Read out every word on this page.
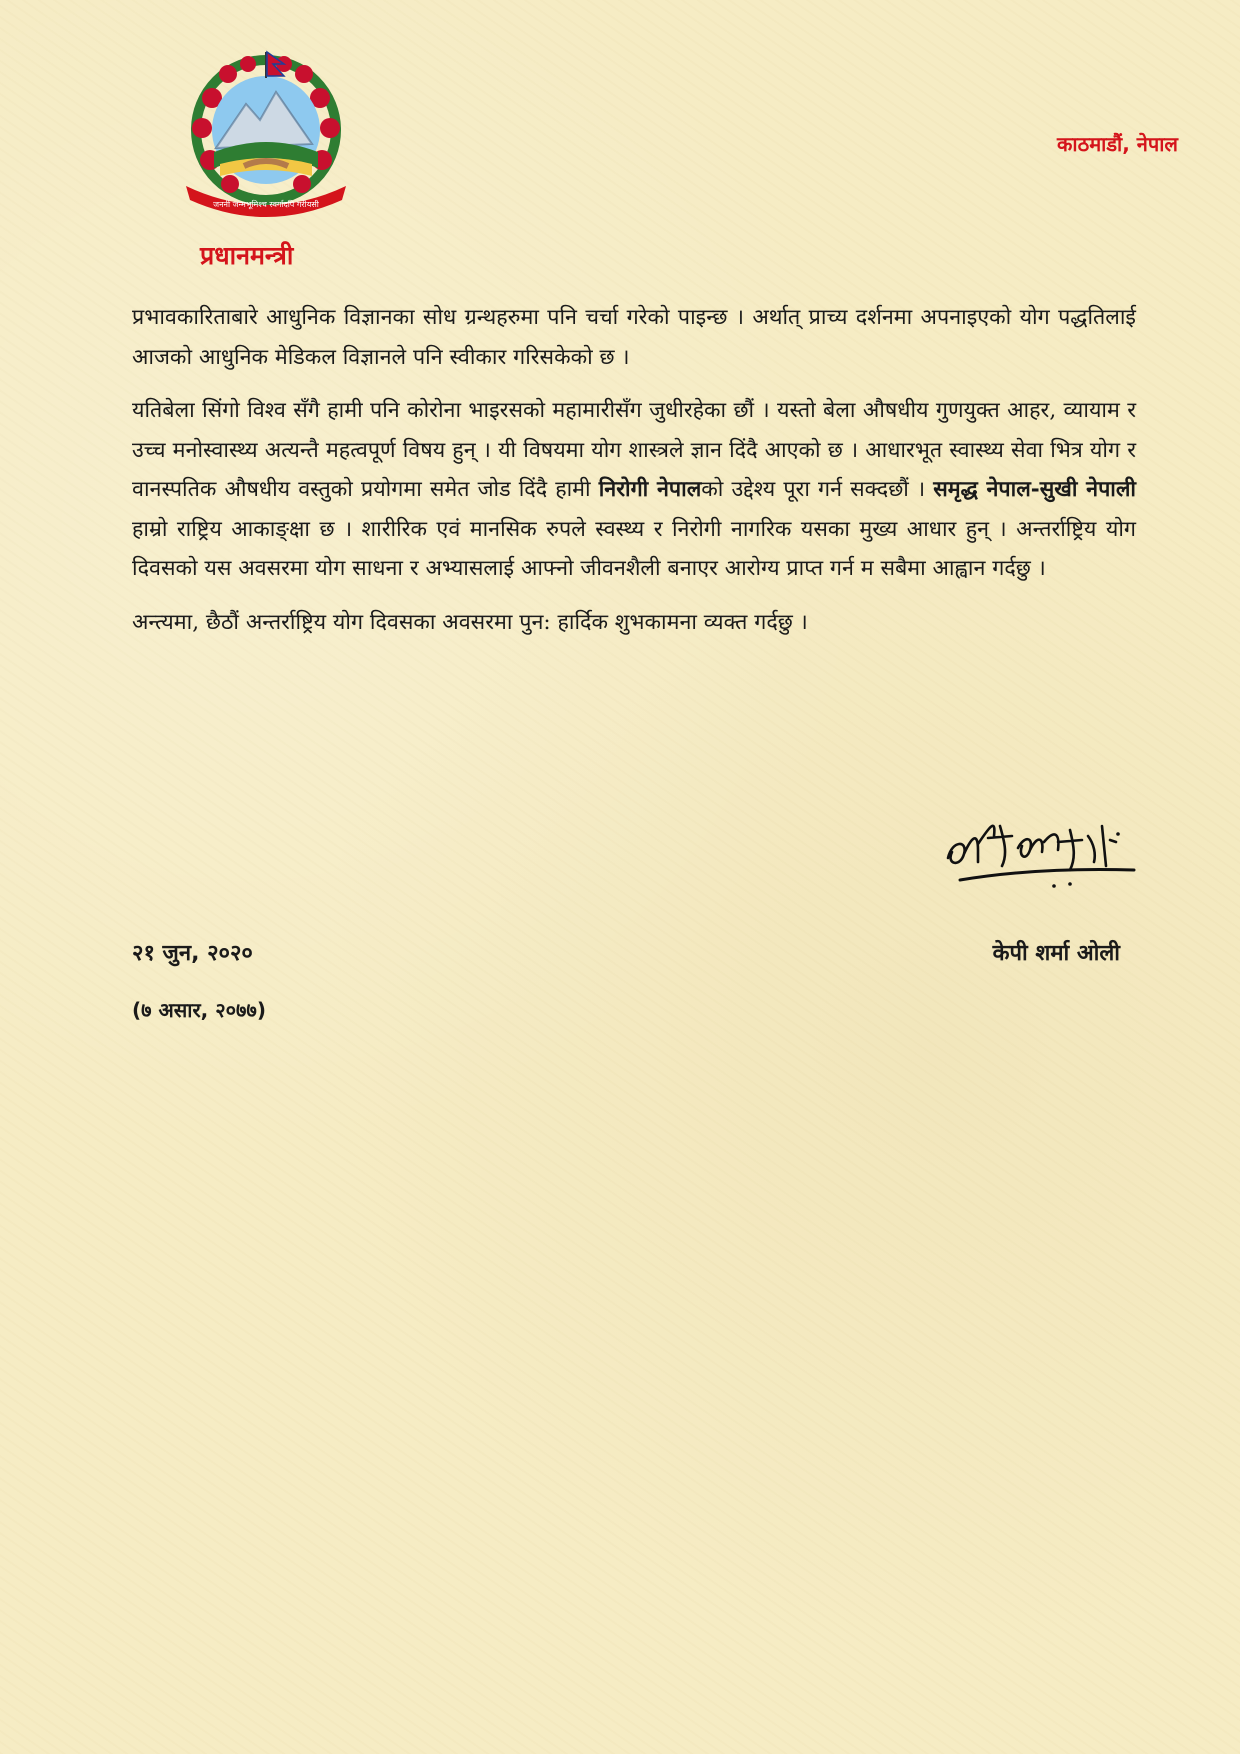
जननी जन्मभूमिश्च स्वर्गादपि गरीयसी
प्रधानमन्त्री
काठमाडौं, नेपाल

प्रभावकारिताबारे आधुनिक विज्ञानका सोध ग्रन्थहरुमा पनि चर्चा गरेको पाइन्छ । अर्थात् प्राच्य दर्शनमा अपनाइएको योग पद्धतिलाई आजको आधुनिक मेडिकल विज्ञानले पनि स्वीकार गरिसकेको छ ।

यतिबेला सिंगो विश्व सँगै हामी पनि कोरोना भाइरसको महामारीसँग जुधीरहेका छौं । यस्तो बेला औषधीय गुणयुक्त आहर, व्यायाम र उच्च मनोस्वास्थ्य अत्यन्तै महत्वपूर्ण विषय हुन् । यी विषयमा योग शास्त्रले ज्ञान दिंदै आएको छ । आधारभूत स्वास्थ्य सेवा भित्र योग र वानस्पतिक औषधीय वस्तुको प्रयोगमा समेत जोड दिंदै हामी निरोगी नेपालको उद्देश्य पूरा गर्न सक्दछौं । समृद्ध नेपाल-सुखी नेपाली हाम्रो राष्ट्रिय आकाङ्क्षा छ । शारीरिक एवं मानसिक रुपले स्वस्थ्य र निरोगी नागरिक यसका मुख्य आधार हुन् । अन्तर्राष्ट्रिय योग दिवसको यस अवसरमा योग साधना र अभ्यासलाई आफ्नो जीवनशैली बनाएर आरोग्य प्राप्त गर्न म सबैमा आह्वान गर्दछु ।

अन्त्यमा, छैठौं अन्तर्राष्ट्रिय योग दिवसका अवसरमा पुन: हार्दिक शुभकामना व्यक्त गर्दछु ।

२१ जुन, २०२०
(७ असार, २०७७)
केपी शर्मा ओली
